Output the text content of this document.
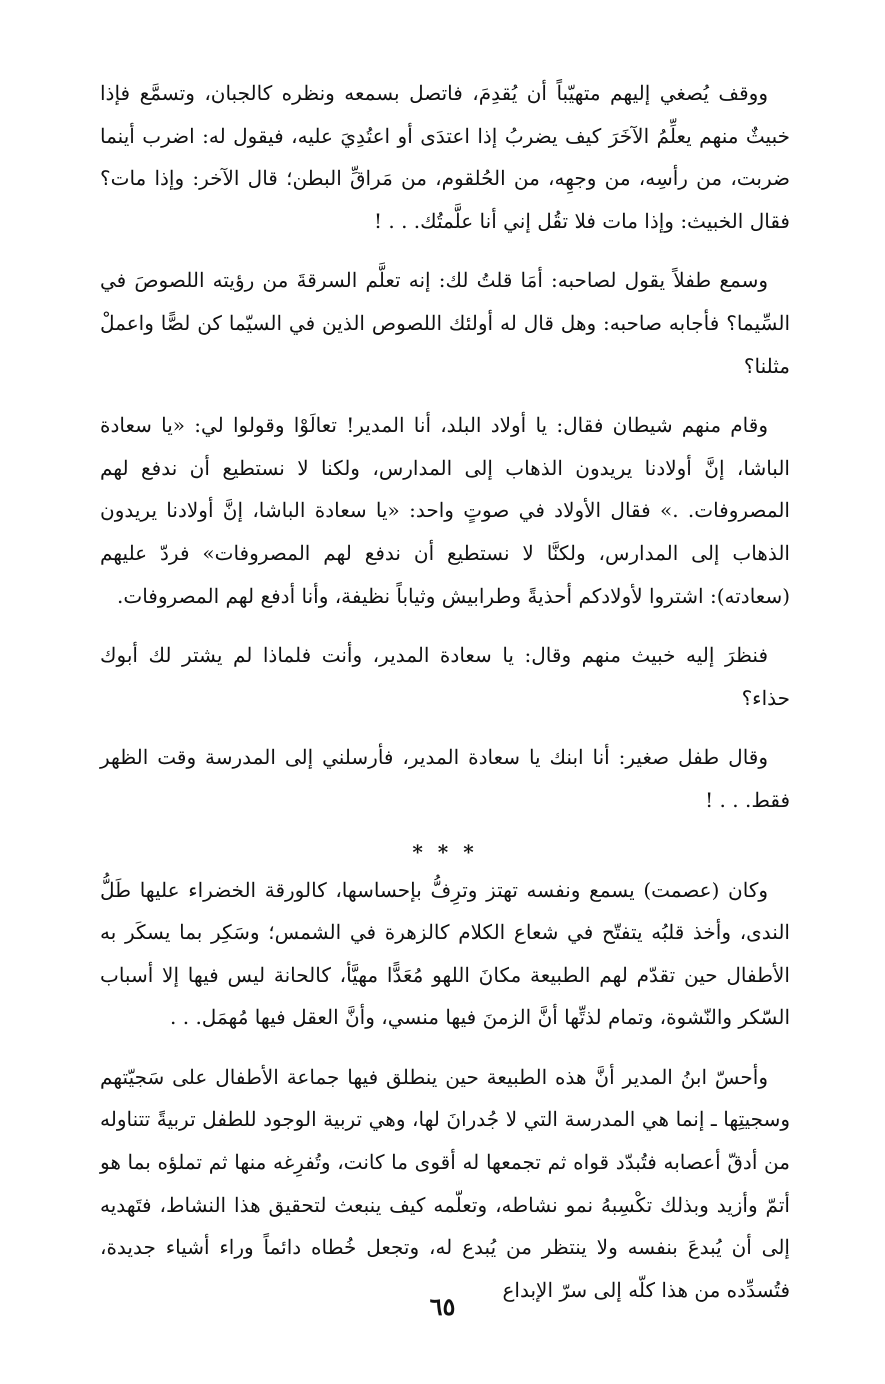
ووقف يُصغي إليهم متهيّباً أن يُقدِمَ، فاتصل بسمعه ونظره كالجبان، وتسمَّع فإذا خبيثٌ منهم يعلِّمُ الآخَرَ كيف يضربُ إذا اعتدَى أو اعتُدِيَ عليه، فيقول له: اضرب أينما ضربت، من رأسِه، من وجهِه، من الحُلقوم، من مَراقِّ البطن؛ قال الآخر: وإذا مات؟ فقال الخبيث: وإذا مات فلا تقُل إني أنا علَّمتُك. . . !

وسمع طفلاً يقول لصاحبه: أمَا قلتُ لك: إنه تعلَّم السرقةَ من رؤيته اللصوصَ في السِّيما؟ فأجابه صاحبه: وهل قال له أولئك اللصوص الذين في السيّما كن لصًّا واعملْ مثلنا؟

وقام منهم شيطان فقال: يا أولاد البلد، أنا المدير! تعالَوْا وقولوا لي: «يا سعادة الباشا، إنَّ أولادنا يريدون الذهاب إلى المدارس، ولكنا لا نستطيع أن ندفع لهم المصروفات. .» فقال الأولاد في صوتٍ واحد: «يا سعادة الباشا، إنَّ أولادنا يريدون الذهاب إلى المدارس، ولكنَّا لا نستطيع أن ندفع لهم المصروفات» فردّ عليهم (سعادته): اشتروا لأولادكم أحذيةً وطرابيش وثياباً نظيفة، وأنا أدفع لهم المصروفات.

فنظرَ إليه خبيث منهم وقال: يا سعادة المدير، وأنت فلماذا لم يشتر لك أبوك حذاء؟

وقال طفل صغير: أنا ابنك يا سعادة المدير، فأرسلني إلى المدرسة وقت الظهر فقط. . . !

* * *

وكان (عصمت) يسمع ونفسه تهتز وترِفُّ بإحساسها، كالورقة الخضراء عليها طَلُّ الندى، وأخذ قلبُه يتفتّح في شعاع الكلام كالزهرة في الشمس؛ وسَكِر بما يسكَر به الأطفال حين تقدّم لهم الطبيعة مكانَ اللهو مُعَدًّا مهيَّأ، كالحانة ليس فيها إلا أسباب السّكر والنّشوة، وتمام لذتِّها أنَّ الزمنَ فيها منسي، وأنَّ العقل فيها مُهمَل. . .

وأحسّ ابنُ المدير أنَّ هذه الطبيعة حين ينطلق فيها جماعة الأطفال على سَجيّتهم وسجيتِها ـ إنما هي المدرسة التي لا جُدرانَ لها، وهي تربية الوجود للطفل تربيةً تتناوله من أدقّ أعصابه فتُبدّد قواه ثم تجمعها له أقوى ما كانت، وتُفرِغه منها ثم تملؤه بما هو أتمّ وأزيد وبذلك تكْسِبهُ نمو نشاطه، وتعلّمه كيف ينبعث لتحقيق هذا النشاط، فتَهديه إلى أن يُبدعَ بنفسه ولا ينتظر من يُبدع له، وتجعل خُطاه دائماً وراء أشياء جديدة، فتُسدِّده من هذا كلّه إلى سرّ الإبداع

٦٥
